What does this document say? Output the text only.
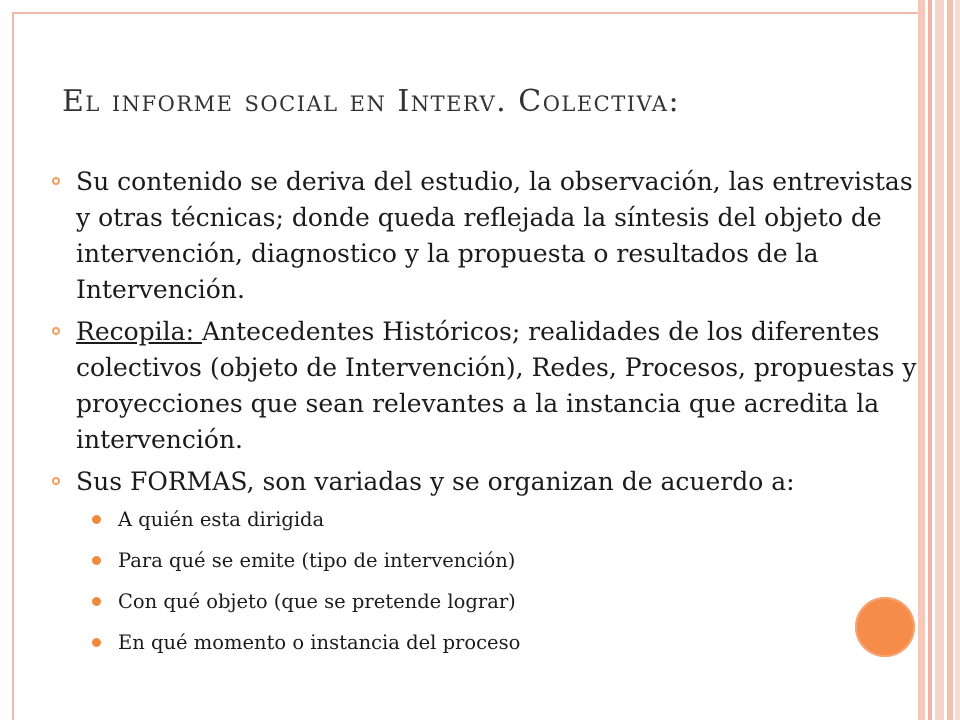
El informe social en Interv. Colectiva:

Su contenido se deriva del estudio, la observación, las entrevistas y otras técnicas; donde queda reflejada la síntesis del objeto de intervención, diagnostico y la propuesta o resultados de la Intervención.

Recopila: Antecedentes Históricos; realidades de los diferentes colectivos (objeto de Intervención), Redes, Procesos, propuestas y proyecciones que sean relevantes a la instancia que acredita la intervención.

Sus FORMAS, son variadas y se organizan de acuerdo a:

A quién esta dirigida

Para qué se emite (tipo de intervención)

Con qué objeto (que se pretende lograr)

En qué momento o instancia del proceso
